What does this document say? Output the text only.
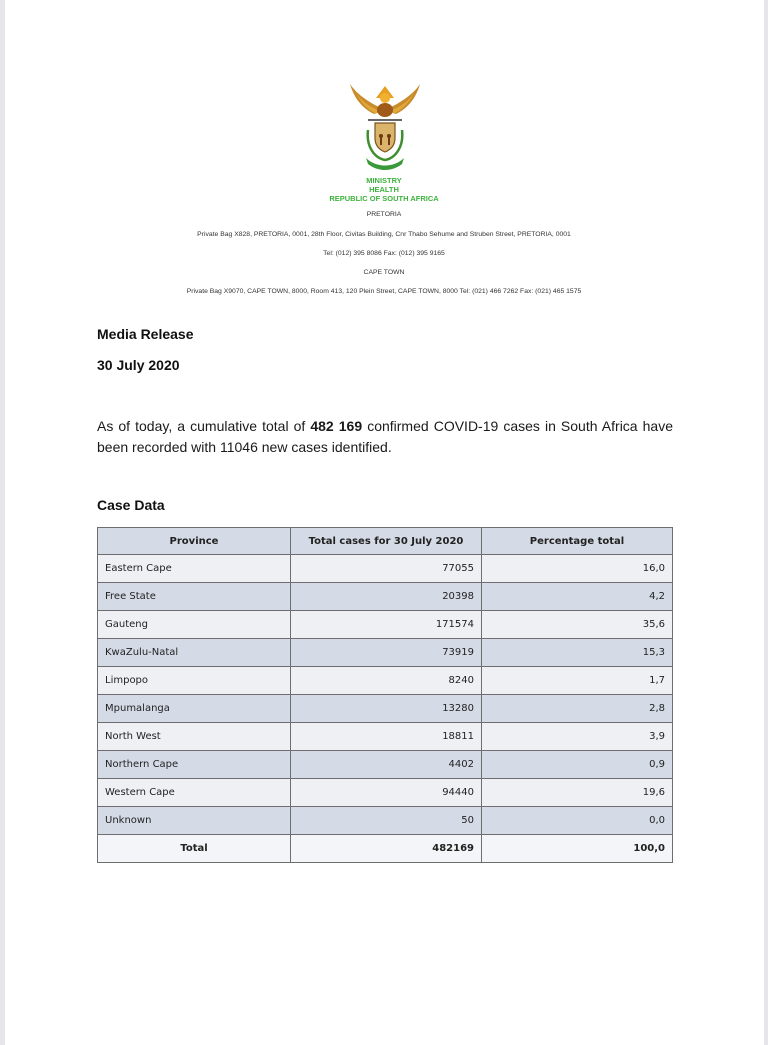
MINISTRY
HEALTH
REPUBLIC OF SOUTH AFRICA
PRETORIA
Private Bag X828, PRETORIA, 0001, 28th Floor, Civitas Building, Cnr Thabo Sehume and Struben Street, PRETORIA, 0001
Tel: (012) 395 8086 Fax: (012) 395 9165
CAPE TOWN
Private Bag X9070, CAPE TOWN, 8000, Room 413, 120 Plein Street, CAPE TOWN, 8000 Tel: (021) 466 7262 Fax: (021) 465 1575
Media Release
30 July 2020
As of today, a cumulative total of 482 169 confirmed COVID-19 cases in South Africa have been recorded with 11046 new cases identified.
Case Data
Province	Total cases for 30 July 2020	Percentage total
Eastern Cape	77055	16,0
Free State	20398	4,2
Gauteng	171574	35,6
KwaZulu-Natal	73919	15,3
Limpopo	8240	1,7
Mpumalanga	13280	2,8
North West	18811	3,9
Northern Cape	4402	0,9
Western Cape	94440	19,6
Unknown	50	0,0
Total	482169	100,0
